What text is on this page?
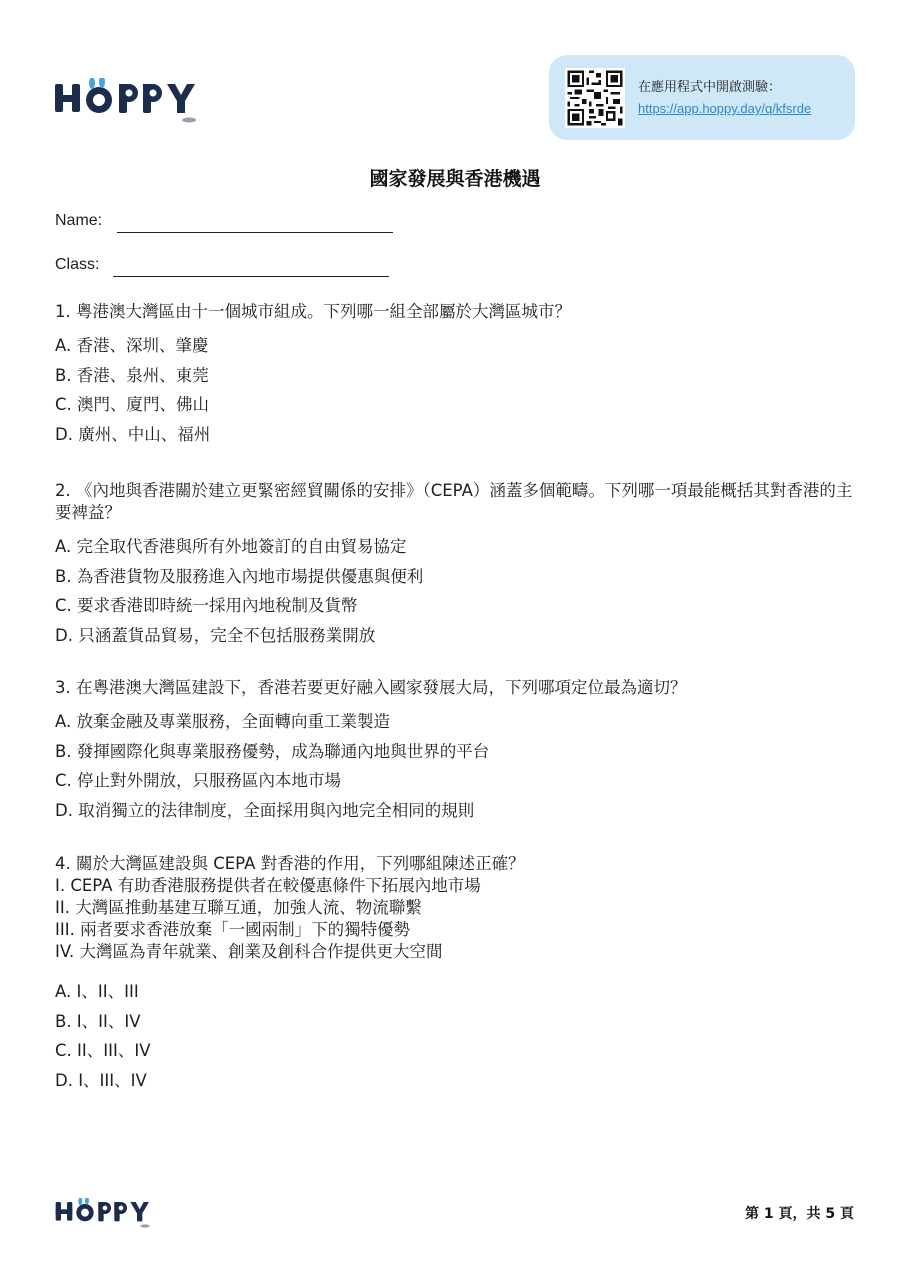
在應用程式中開啟測驗：
https://app.hoppy.day/q/kfsrde
國家發展與香港機遇
Name:
Class:

1. 粵港澳大灣區由十一個城市組成。下列哪一組全部屬於大灣區城市？

A. 香港、深圳、肇慶
B. 香港、泉州、東莞
C. 澳門、廈門、佛山
D. 廣州、中山、福州

2. 《內地與香港關於建立更緊密經貿關係的安排》（CEPA）涵蓋多個範疇。下列哪一項最能概括其對香港的主要裨益？

A. 完全取代香港與所有外地簽訂的自由貿易協定
B. 為香港貨物及服務進入內地市場提供優惠與便利
C. 要求香港即時統一採用內地稅制及貨幣
D. 只涵蓋貨品貿易，完全不包括服務業開放

3. 在粵港澳大灣區建設下，香港若要更好融入國家發展大局，下列哪項定位最為適切？

A. 放棄金融及專業服務，全面轉向重工業製造
B. 發揮國際化與專業服務優勢，成為聯通內地與世界的平台
C. 停止對外開放，只服務區內本地市場
D. 取消獨立的法律制度，全面採用與內地完全相同的規則

4. 關於大灣區建設與 CEPA 對香港的作用，下列哪組陳述正確？

I. CEPA 有助香港服務提供者在較優惠條件下拓展內地市場

II. 大灣區推動基建互聯互通，加強人流、物流聯繫

III. 兩者要求香港放棄「一國兩制」下的獨特優勢

IV. 大灣區為青年就業、創業及創科合作提供更大空間

A. I、II、III
B. I、II、IV
C. II、III、IV
D. I、III、IV
第 1 頁，共 5 頁
